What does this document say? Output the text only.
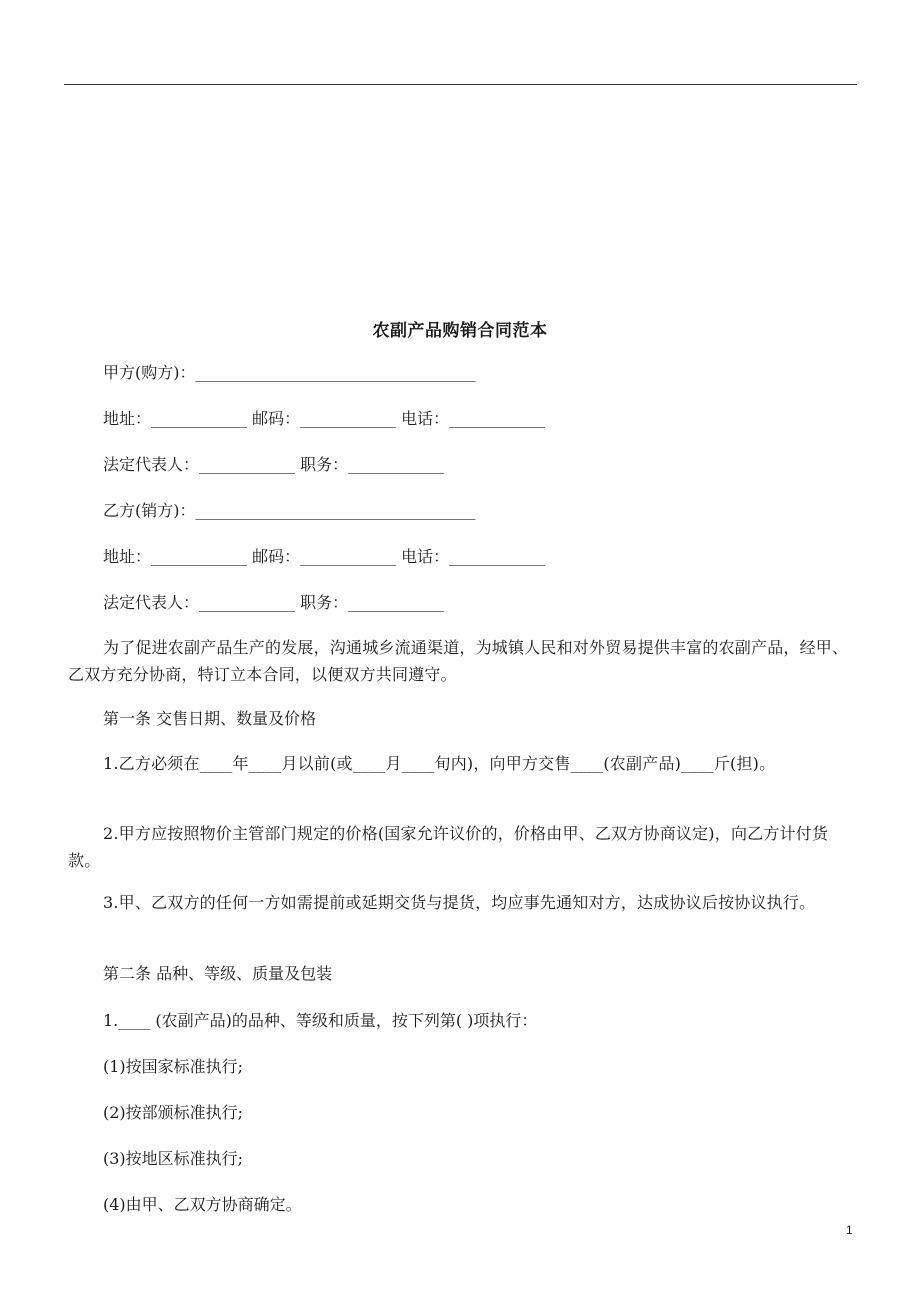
农副产品购销合同范本
甲方(购方)：___________________________________
地址：____________ 邮码：____________ 电话：____________
法定代表人：____________ 职务：____________
乙方(销方)：___________________________________
地址：____________ 邮码：____________ 电话：____________
法定代表人：____________ 职务：____________
为了促进农副产品生产的发展，沟通城乡流通渠道，为城镇人民和对外贸易提供丰富的农副产品，经甲、乙双方充分协商，特订立本合同，以便双方共同遵守。
第一条 交售日期、数量及价格
1.乙方必须在____年____月以前(或____月____旬内)，向甲方交售____(农副产品)____斤(担)。
2.甲方应按照物价主管部门规定的价格(国家允许议价的，价格由甲、乙双方协商议定)，向乙方计付货款。
3.甲、乙双方的任何一方如需提前或延期交货与提货，均应事先通知对方，达成协议后按协议执行。
第二条 品种、等级、质量及包装
1.____ (农副产品)的品种、等级和质量，按下列第( )项执行：
(1)按国家标准执行;
(2)按部颁标准执行;
(3)按地区标准执行;
(4)由甲、乙双方协商确定。
1
